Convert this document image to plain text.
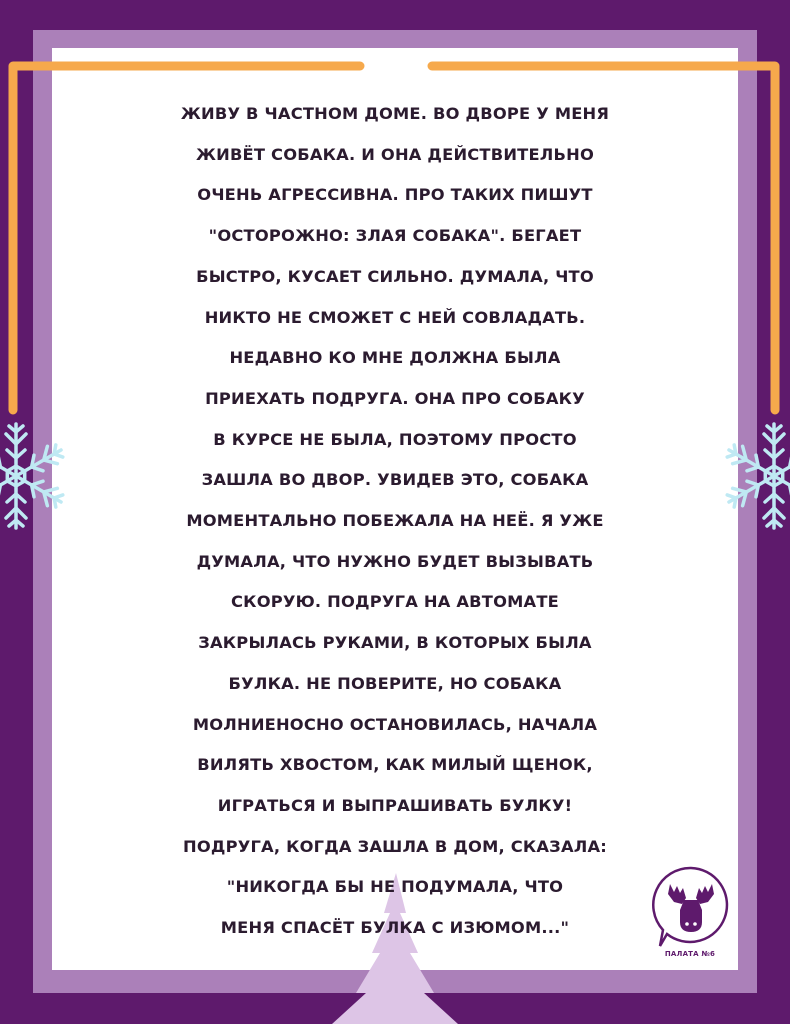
ЖИВУ В ЧАСТНОМ ДОМЕ. ВО ДВОРЕ У МЕНЯ
ЖИВЁТ СОБАКА. И ОНА ДЕЙСТВИТЕЛЬНО
ОЧЕНЬ АГРЕССИВНА. ПРО ТАКИХ ПИШУТ
"ОСТОРОЖНО: ЗЛАЯ СОБАКА". БЕГАЕТ
БЫСТРО, КУСАЕТ СИЛЬНО. ДУМАЛА, ЧТО
НИКТО НЕ СМОЖЕТ С НЕЙ СОВЛАДАТЬ.
НЕДАВНО КО МНЕ ДОЛЖНА БЫЛА
ПРИЕХАТЬ ПОДРУГА. ОНА ПРО СОБАКУ
В КУРСЕ НЕ БЫЛА, ПОЭТОМУ ПРОСТО
ЗАШЛА ВО ДВОР. УВИДЕВ ЭТО, СОБАКА
МОМЕНТАЛЬНО ПОБЕЖАЛА НА НЕЁ. Я УЖЕ
ДУМАЛА, ЧТО НУЖНО БУДЕТ ВЫЗЫВАТЬ
СКОРУЮ. ПОДРУГА НА АВТОМАТЕ
ЗАКРЫЛАСЬ РУКАМИ, В КОТОРЫХ БЫЛА
БУЛКА. НЕ ПОВЕРИТЕ, НО СОБАКА
МОЛНИЕНОСНО ОСТАНОВИЛАСЬ, НАЧАЛА
ВИЛЯТЬ ХВОСТОМ, КАК МИЛЫЙ ЩЕНОК,
ИГРАТЬСЯ И ВЫПРАШИВАТЬ БУЛКУ!
ПОДРУГА, КОГДА ЗАШЛА В ДОМ, СКАЗАЛА:
"НИКОГДА БЫ НЕ ПОДУМАЛА, ЧТО
МЕНЯ СПАСЁТ БУЛКА С ИЗЮМОМ..."

ПАЛАТА №6
